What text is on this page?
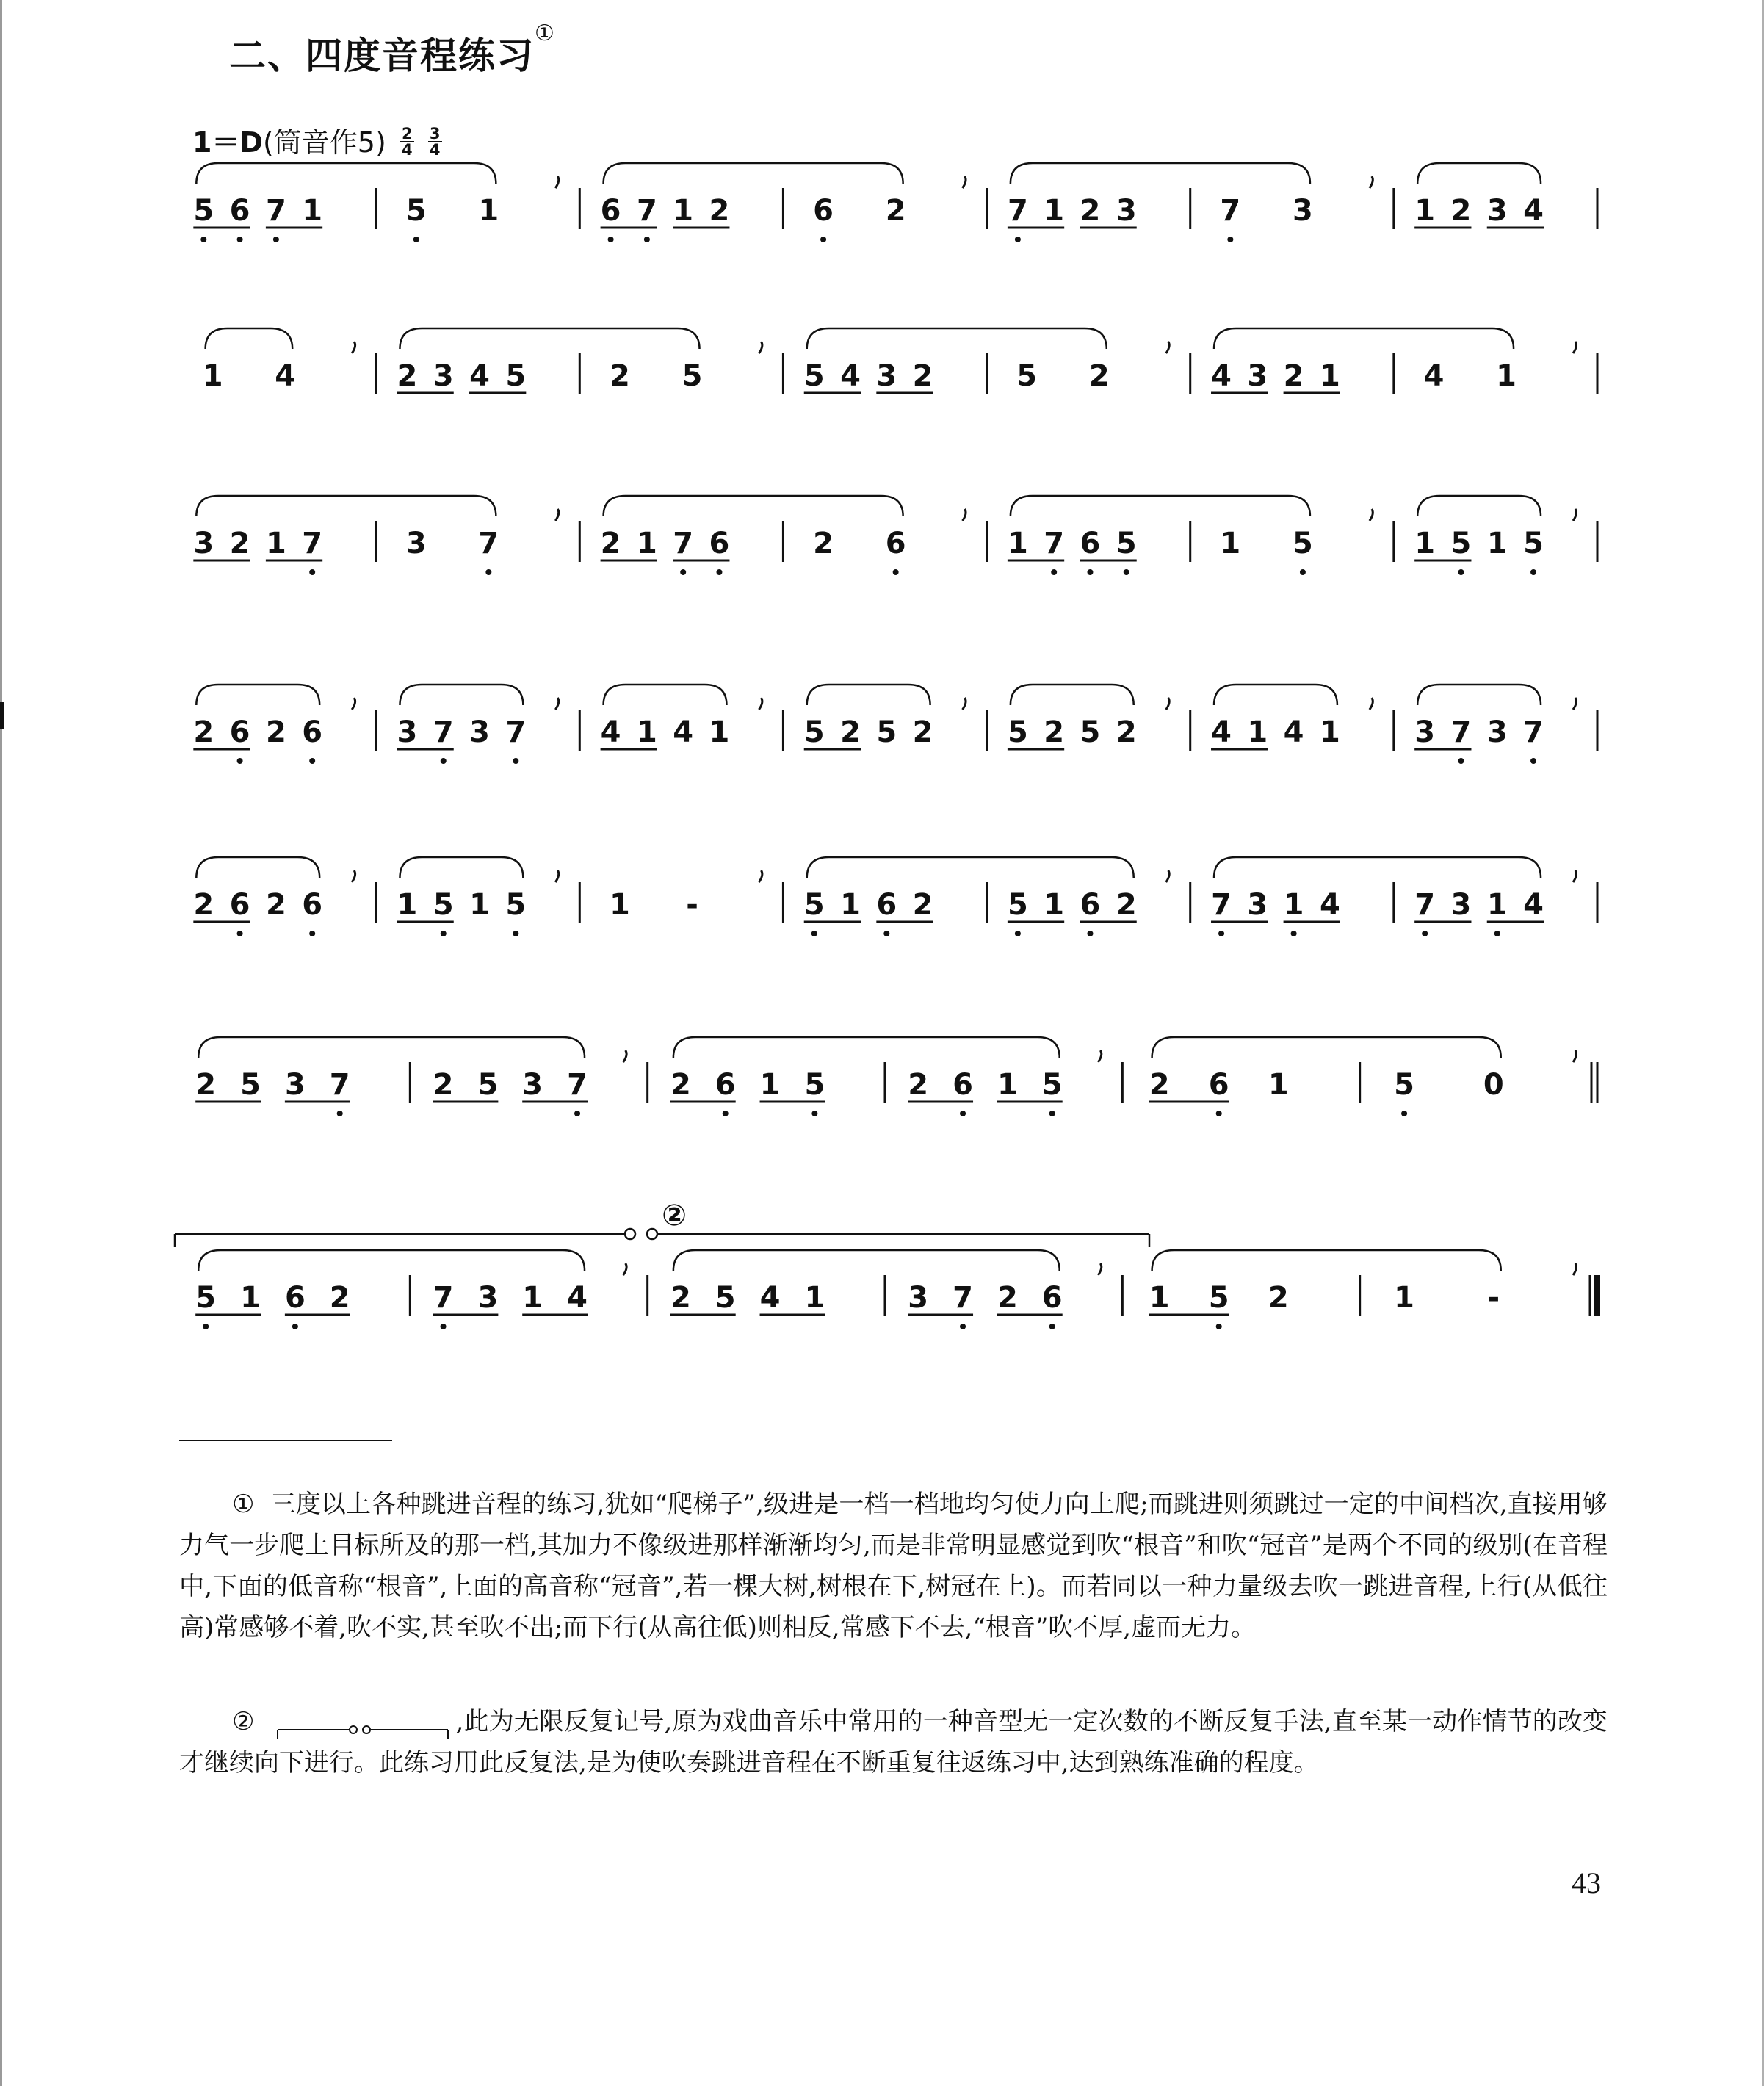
二、四度音程练习①
1＝D(筒音作$5) \frac{2}{4}$
$\frac{3}{4}$
5 6 7 1	5 1	6 7 1 2	6 2	7 1 2 3	7 3	1 2 3 4
1 4	2 3 4 5	2 5	5 4 3 2	5 2	4 3 2 1	4 1
3 2 1 7	3 7	2 1 7 6	2 6	1 7 6 5	1 5	1 5 1 5
2 6 2 6	3 7 3 7	4 1 4 1	5 2 5 2	5 2 5 2	4 1 4 1	3 7 3 7
2 6 2 6	1 5 1 5	1 -	5 1 6 2	5 1 6 2	7 3 1 4	7 3 1 4
2 5 3 7	2 5 3 7	2 6 1 5	2 6 1 5	2 6 1	5 0
5 1 6 2	7 3 1 4	2 5 4 1	3 7 2 6	1 5 2	1 -
②
① 三度以上各种跳进音程的练习,犹如“爬梯子”,级进是一档一档地均匀使力向上爬;而跳进则须跳过一定的中间档次,直接用够力气一步爬上目标所及的那一档,其加力不像级进那样渐渐均匀,而是非常明显感觉到吹“根音”和吹“冠音”是两个不同的级别(在音程中,下面的低音称“根音”,上面的高音称“冠音”,若一棵大树,树根在下,树冠在上)。而若同以一种力量级去吹一跳进音程,上行(从低往高)常感够不着,吹不实,甚至吹不出;而下行(从高往低)则相反,常感下不去,“根音”吹不厚,虚而无力。
②	,此为无限反复记号,原为戏曲音乐中常用的一种音型无一定次数的不断反复手法,直至某一动作情节的改变才继续向下进行。此练习用此反复法,是为使吹奏跳进音程在不断重复往返练习中,达到熟练准确的程度。
43
